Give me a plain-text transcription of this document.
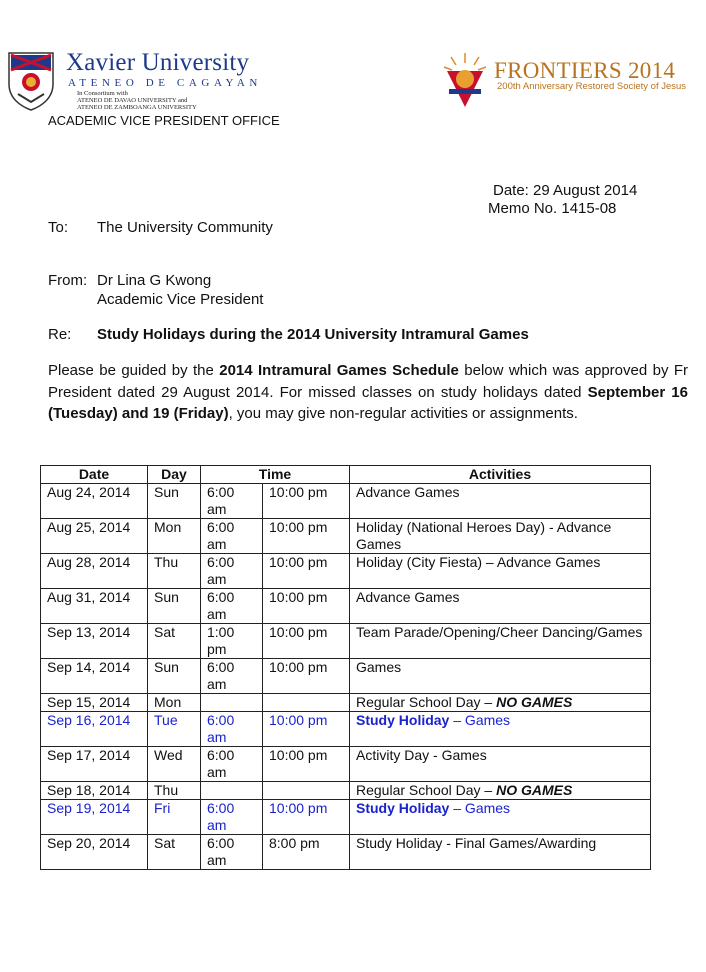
Xavier University
ATENEO DE CAGAYAN
In Consortium with
ATENEO DE DAVAO UNIVERSITY and
ATENEO DE ZAMBOANGA UNIVERSITY
ACADEMIC VICE PRESIDENT OFFICE
FRONTIERS 2014
200th Anniversary Restored Society of Jesus
Date: 29 August 2014
Memo No. 1415-08
To: The University Community
From: Dr Lina G Kwong
Academic Vice President
Re: Study Holidays during the 2014 University Intramural Games
Please be guided by the 2014 Intramural Games Schedule below which was approved by Fr President dated 29 August 2014. For missed classes on study holidays dated September 16 (Tuesday) and 19 (Friday), you may give non-regular activities or assignments.
Date	Day	Time		Activities
Aug 24, 2014	Sun	6:00 am	10:00 pm	Advance Games
Aug 25, 2014	Mon	6:00 am	10:00 pm	Holiday (National Heroes Day) - Advance Games
Aug 28, 2014	Thu	6:00 am	10:00 pm	Holiday (City Fiesta) – Advance Games
Aug 31, 2014	Sun	6:00 am	10:00 pm	Advance Games
Sep 13, 2014	Sat	1:00 pm	10:00 pm	Team Parade/Opening/Cheer Dancing/Games
Sep 14, 2014	Sun	6:00 am	10:00 pm	Games
Sep 15, 2014	Mon			Regular School Day – NO GAMES
Sep 16, 2014	Tue	6:00 am	10:00 pm	Study Holiday – Games
Sep 17, 2014	Wed	6:00 am	10:00 pm	Activity Day - Games
Sep 18, 2014	Thu			Regular School Day – NO GAMES
Sep 19, 2014	Fri	6:00 am	10:00 pm	Study Holiday – Games
Sep 20, 2014	Sat	6:00 am	8:00 pm	Study Holiday - Final Games/Awarding
